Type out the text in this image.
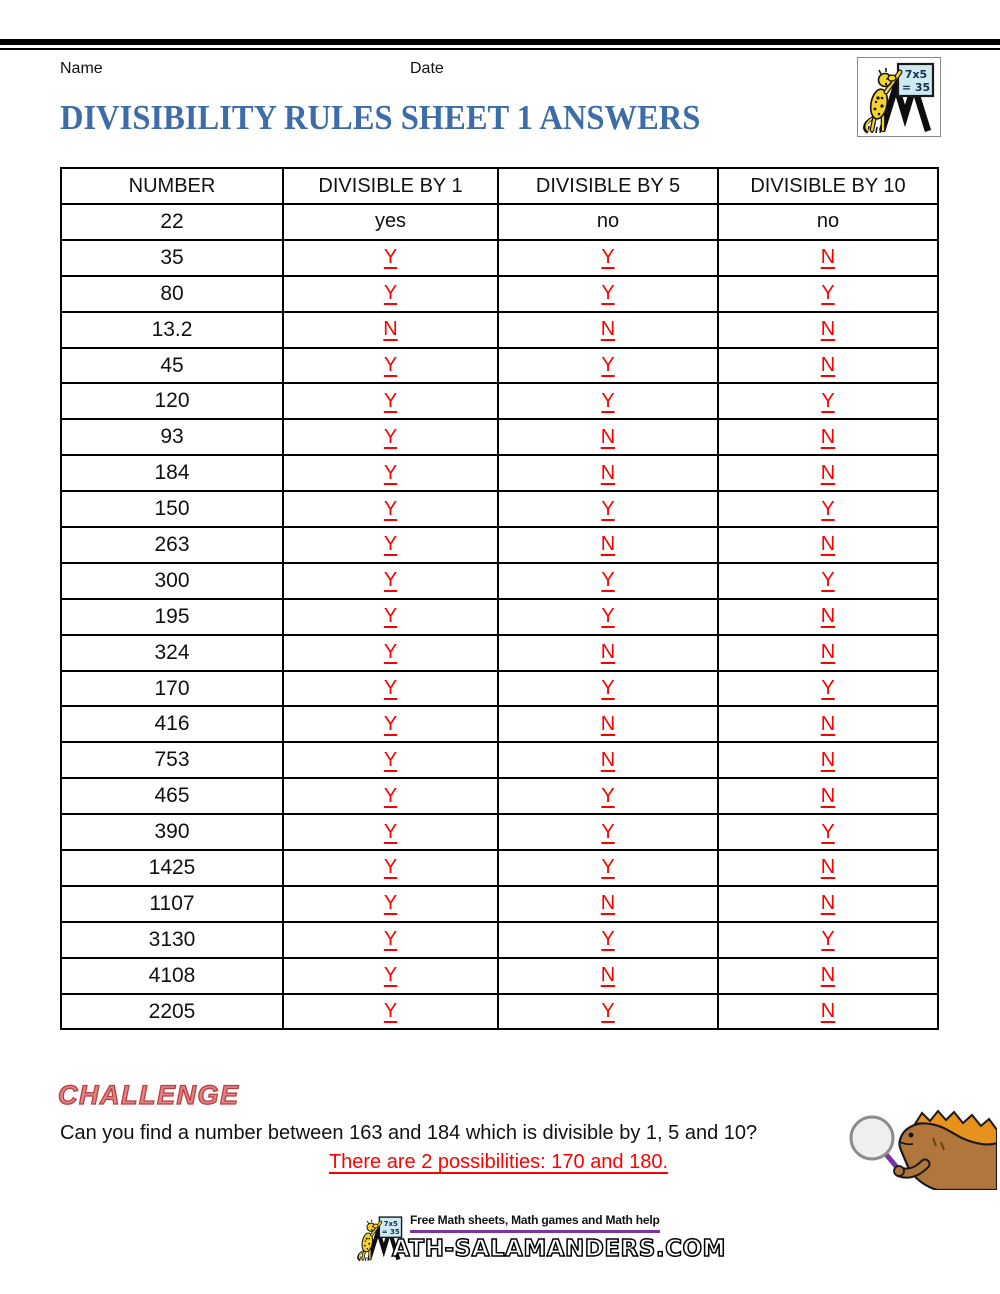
Name	Date	7x5
= 35
DIVISIBILITY RULES SHEET 1 ANSWERS
NUMBER	DIVISIBLE BY 1	DIVISIBLE BY 5	DIVISIBLE BY 10
22	yes	no	no
35	Y	Y	N
80	Y	Y	Y
13.2	N	N	N
45	Y	Y	N
120	Y	Y	Y
93	Y	N	N
184	Y	N	N
150	Y	Y	Y
263	Y	N	N
300	Y	Y	Y
195	Y	Y	N
324	Y	N	N
170	Y	Y	Y
416	Y	N	N
753	Y	N	N
465	Y	Y	N
390	Y	Y	Y
1425	Y	Y	N
1107	Y	N	N
3130	Y	Y	Y
4108	Y	N	N
2205	Y	Y	N
CHALLENGE
Can you find a number between 163 and 184 which is divisible by 1, 5 and 10?
There are 2 possibilities: 170 and 180.
Free Math sheets, Math games and Math help
ATH-SALAMANDERS.COM
